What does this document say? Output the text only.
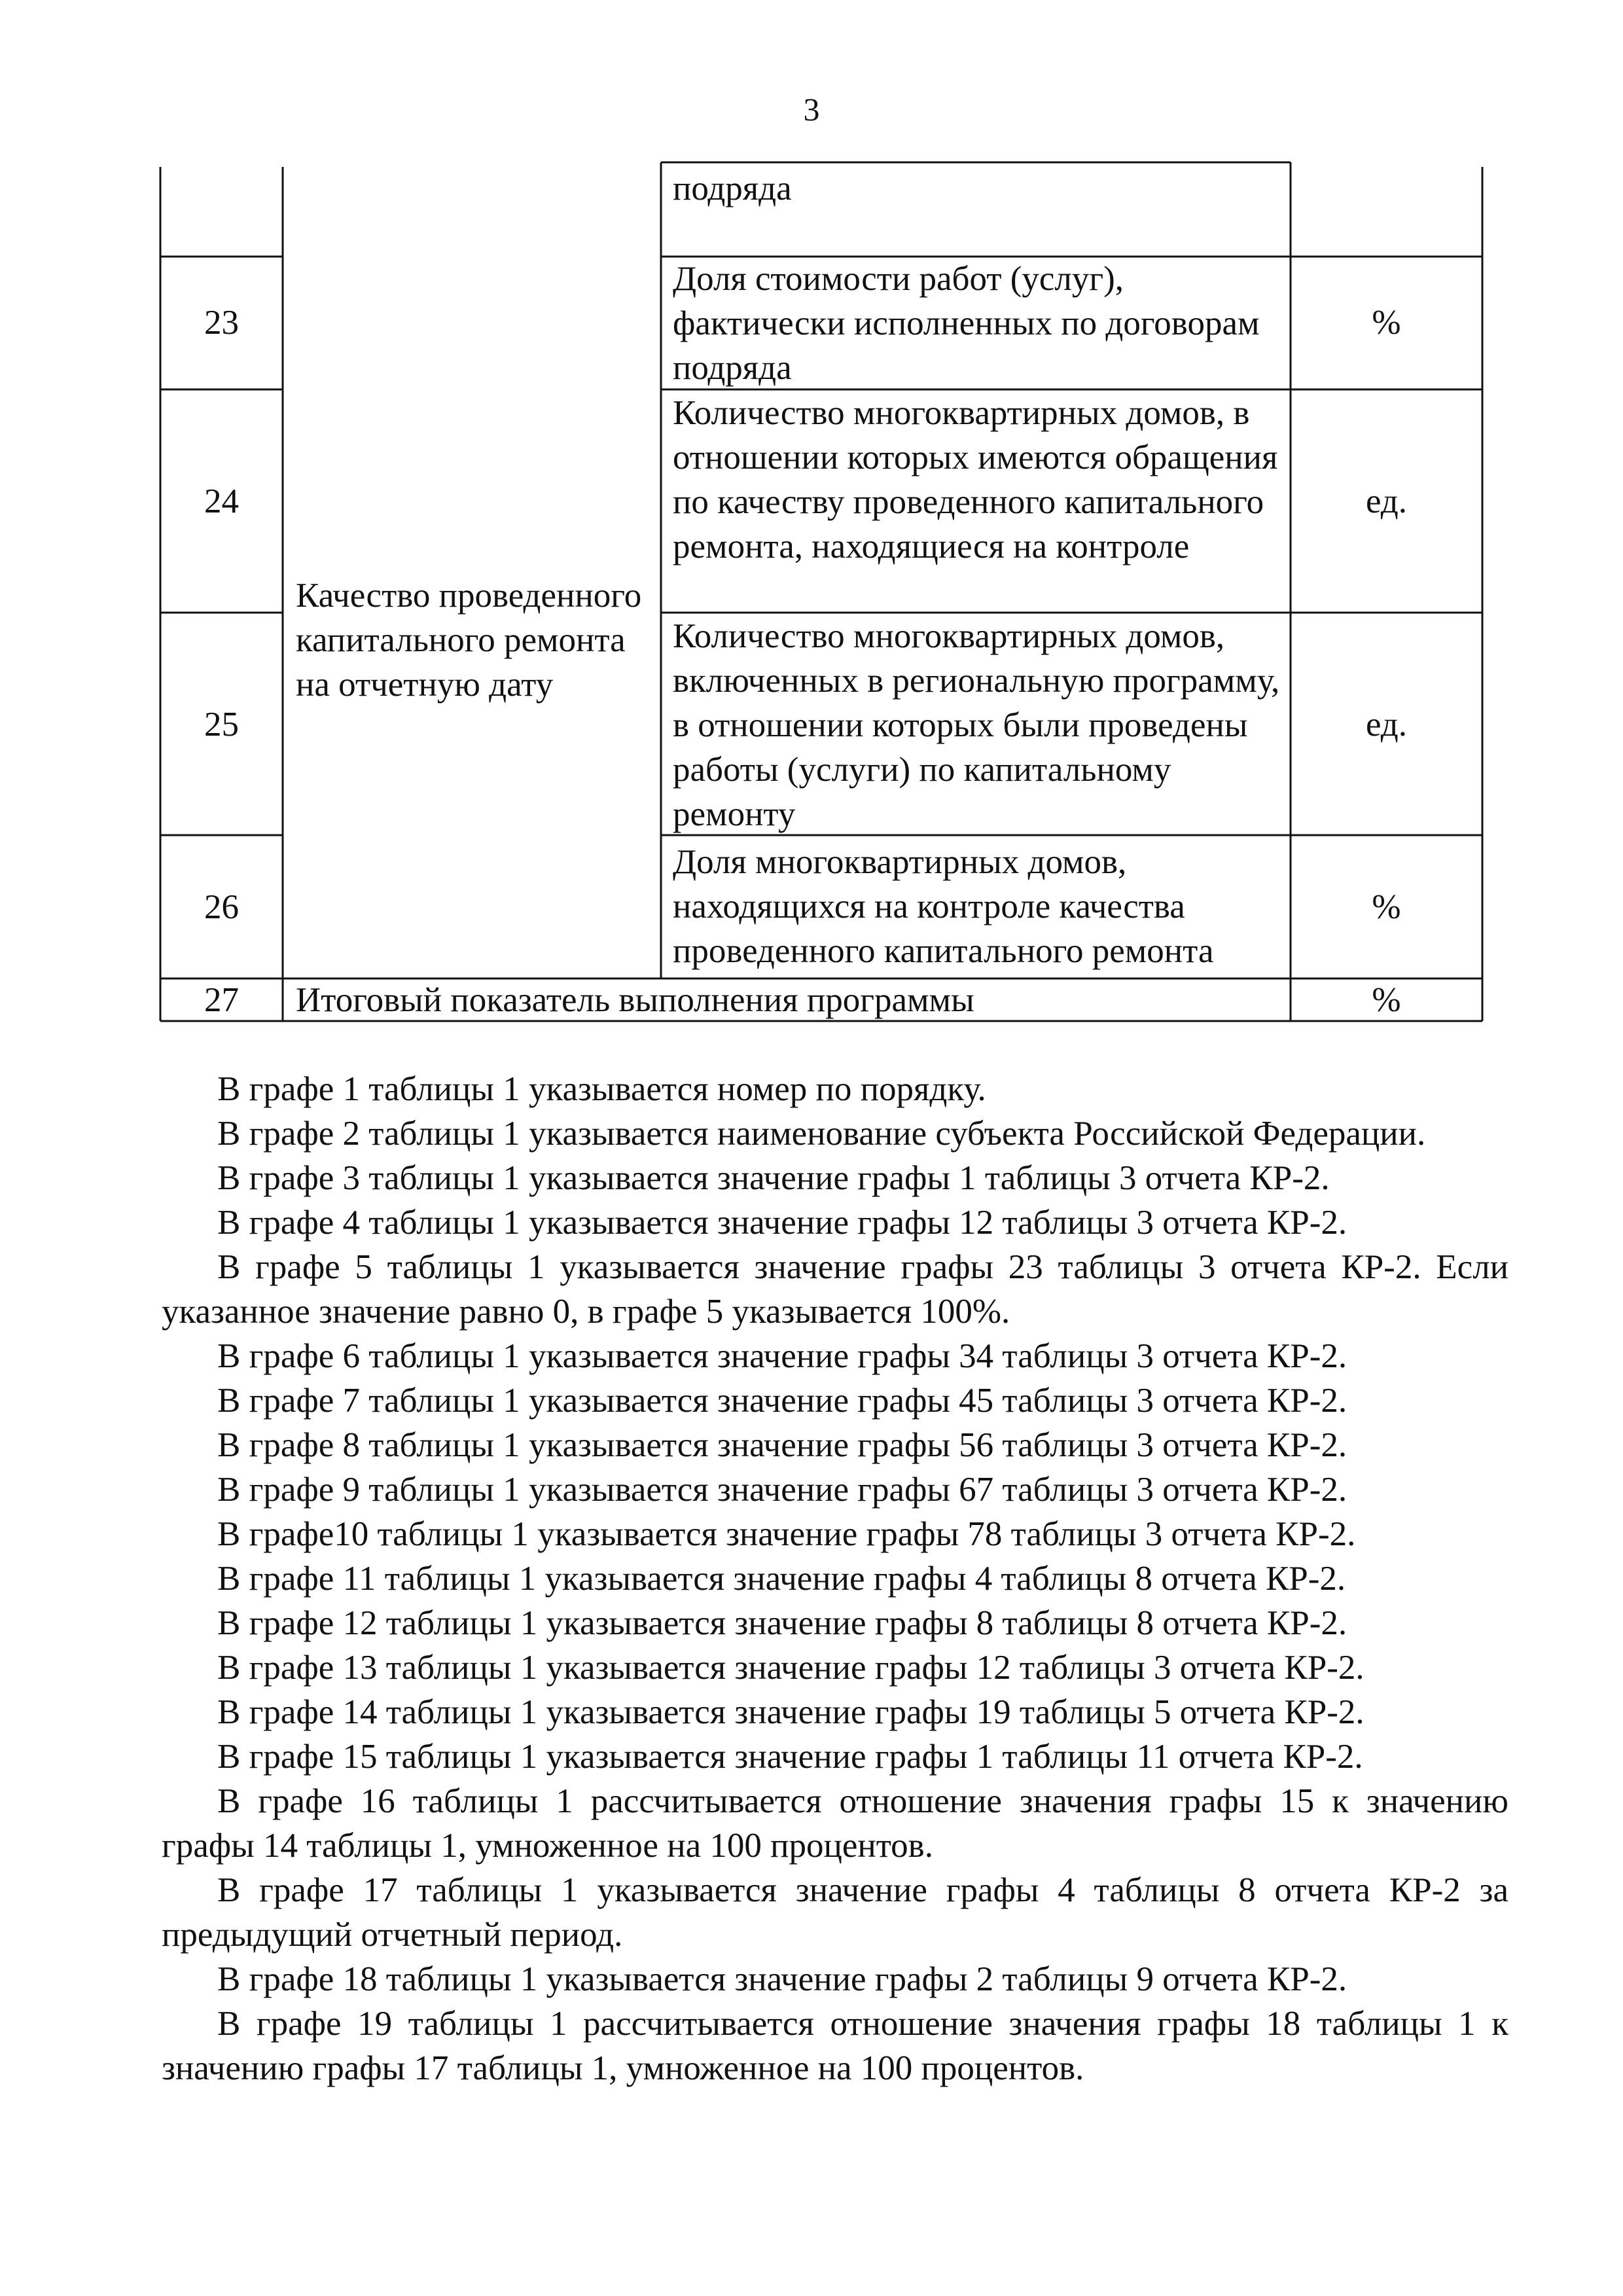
3
подряда
23
Доля стоимости работ (услуг), фактически исполненных по договорам подряда
%
24
Количество многоквартирных домов, в отношении которых имеются обращения по качеству проведенного капитального ремонта, находящиеся на контроле
ед.
25
Количество многоквартирных домов, включенных в региональную программу, в отношении которых были проведены работы (услуги) по капитальному ремонту
ед.
26
Доля многоквартирных домов, находящихся на контроле качества проведенного капитального ремонта
%
Качество проведенного капитального ремонта на отчетную дату
27	Итоговый показатель выполнения программы	%

В графе 1 таблицы 1 указывается номер по порядку.

В графе 2 таблицы 1 указывается наименование субъекта Российской Федерации.

В графе 3 таблицы 1 указывается значение графы 1 таблицы 3 отчета КР-2.

В графе 4 таблицы 1 указывается значение графы 12 таблицы 3 отчета КР-2.

В графе 5 таблицы 1 указывается значение графы 23 таблицы 3 отчета КР-2. Если указанное значение равно 0, в графе 5 указывается 100%.

В графе 6 таблицы 1 указывается значение графы 34 таблицы 3 отчета КР-2.

В графе 7 таблицы 1 указывается значение графы 45 таблицы 3 отчета КР-2.

В графе 8 таблицы 1 указывается значение графы 56 таблицы 3 отчета КР-2.

В графе 9 таблицы 1 указывается значение графы 67 таблицы 3 отчета КР-2.

В графе10 таблицы 1 указывается значение графы 78 таблицы 3 отчета КР-2.

В графе 11 таблицы 1 указывается значение графы 4 таблицы 8 отчета КР-2.

В графе 12 таблицы 1 указывается значение графы 8 таблицы 8 отчета КР-2.

В графе 13 таблицы 1 указывается значение графы 12 таблицы 3 отчета КР-2.

В графе 14 таблицы 1 указывается значение графы 19 таблицы 5 отчета КР-2.

В графе 15 таблицы 1 указывается значение графы 1 таблицы 11 отчета КР-2.

В графе 16 таблицы 1 рассчитывается отношение значения графы 15 к значению графы 14 таблицы 1, умноженное на 100 процентов.

В графе 17 таблицы 1 указывается значение графы 4 таблицы 8 отчета КР-2 за предыдущий отчетный период.

В графе 18 таблицы 1 указывается значение графы 2 таблицы 9 отчета КР-2.

В графе 19 таблицы 1 рассчитывается отношение значения графы 18 таблицы 1 к значению графы 17 таблицы 1, умноженное на 100 процентов.
